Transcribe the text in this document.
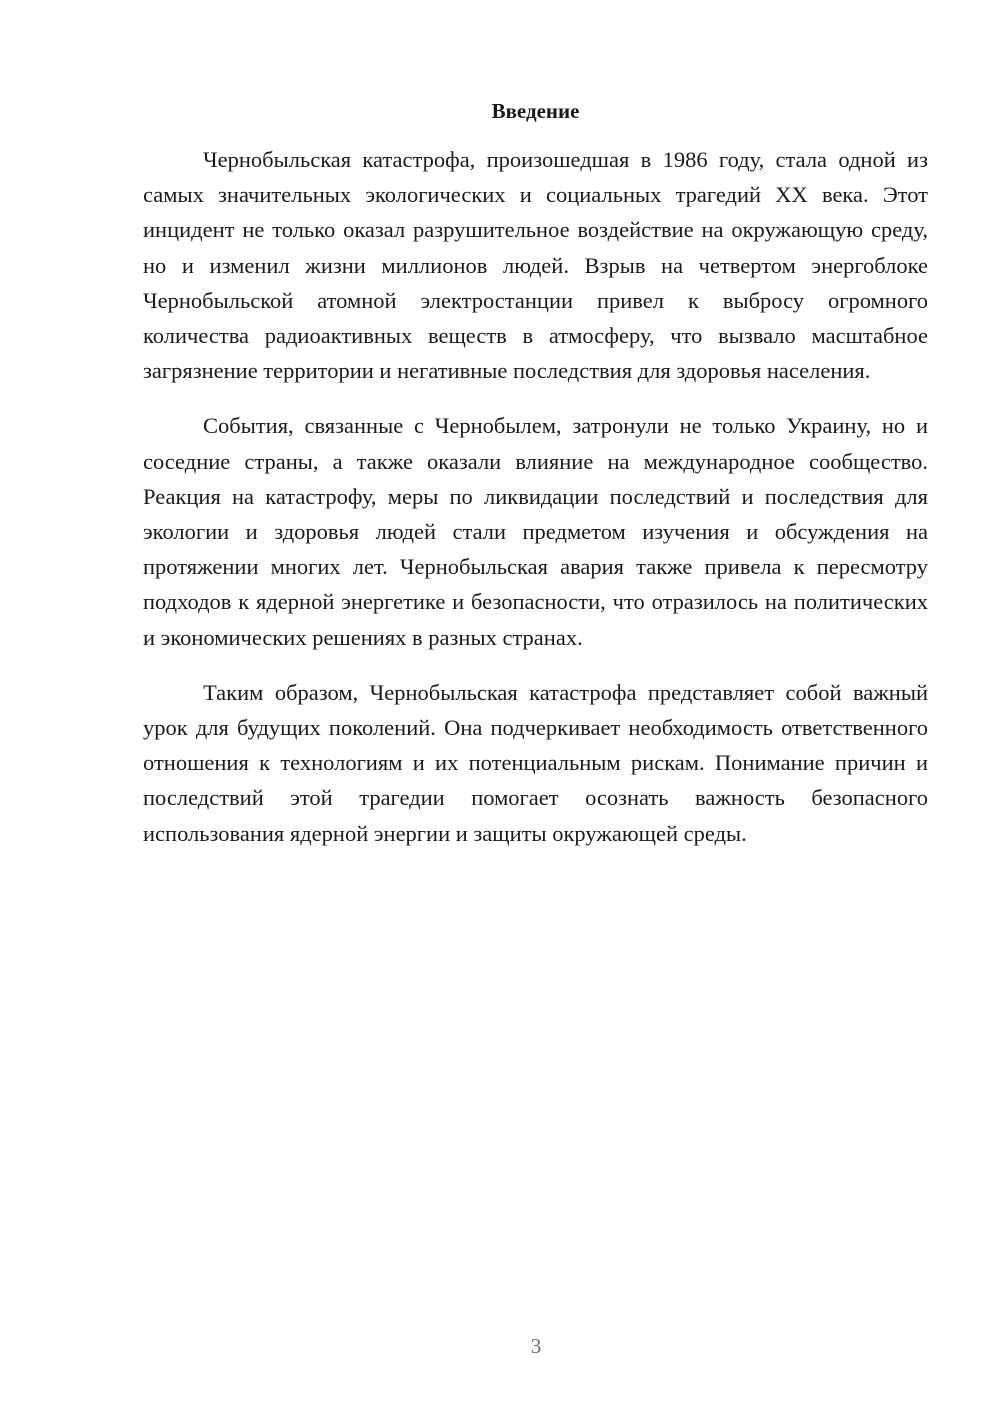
Введение

Чернобыльская катастрофа, произошедшая в 1986 году, стала одной из самых значительных экологических и социальных трагедий XX века. Этот инцидент не только оказал разрушительное воздействие на окружающую среду, но и изменил жизни миллионов людей. Взрыв на четвертом энергоблоке Чернобыльской атомной электростанции привел к выбросу огромного количества радиоактивных веществ в атмосферу, что вызвало масштабное загрязнение территории и негативные последствия для здоровья населения.

События, связанные с Чернобылем, затронули не только Украину, но и соседние страны, а также оказали влияние на международное сообщество. Реакция на катастрофу, меры по ликвидации последствий и последствия для экологии и здоровья людей стали предметом изучения и обсуждения на протяжении многих лет. Чернобыльская авария также привела к пересмотру подходов к ядерной энергетике и безопасности, что отразилось на политических и экономических решениях в разных странах.

Таким образом, Чернобыльская катастрофа представляет собой важный урок для будущих поколений. Она подчеркивает необходимость ответственного отношения к технологиям и их потенциальным рискам. Понимание причин и последствий этой трагедии помогает осознать важность безопасного использования ядерной энергии и защиты окружающей среды.

3
